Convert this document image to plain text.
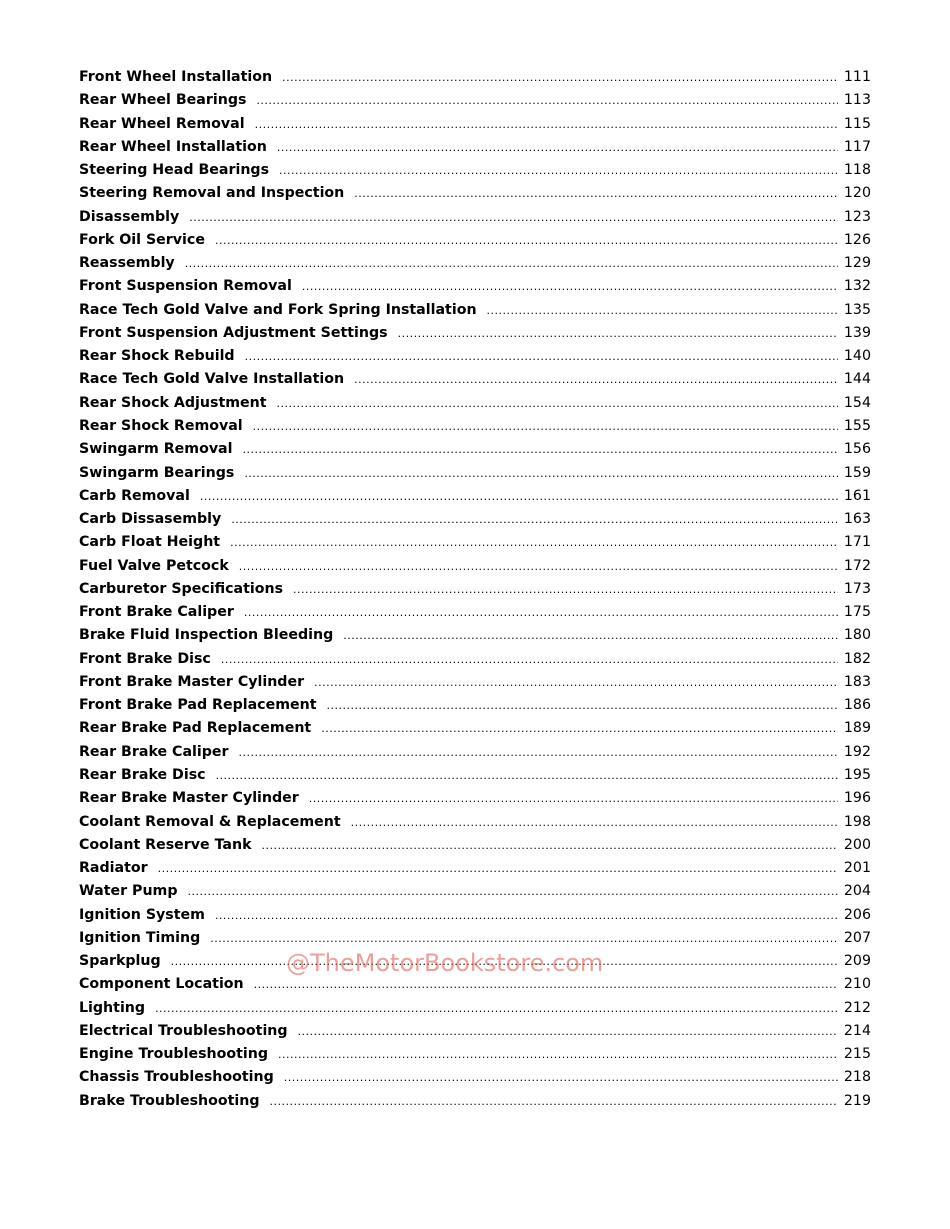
Front Wheel Installation .....	111
Rear Wheel Bearings .....	113
Rear Wheel Removal .....	115
Rear Wheel Installation .....	117
Steering Head Bearings .....	118
Steering Removal and Inspection .....	120
Disassembly .....	123
Fork Oil Service .....	126
Reassembly .....	129
Front Suspension Removal .....	132
Race Tech Gold Valve and Fork Spring Installation .....	135
Front Suspension Adjustment Settings .....	139
Rear Shock Rebuild .....	140
Race Tech Gold Valve Installation .....	144
Rear Shock Adjustment .....	154
Rear Shock Removal .....	155
Swingarm Removal .....	156
Swingarm Bearings .....	159
Carb Removal .....	161
Carb Dissasembly .....	163
Carb Float Height .....	171
Fuel Valve Petcock .....	172
Carburetor Specifications .....	173
Front Brake Caliper .....	175
Brake Fluid Inspection Bleeding .....	180
Front Brake Disc .....	182
Front Brake Master Cylinder .....	183
Front Brake Pad Replacement .....	186
Rear Brake Pad Replacement .....	189
Rear Brake Caliper .....	192
Rear Brake Disc .....	195
Rear Brake Master Cylinder .....	196
Coolant Removal & Replacement .....	198
Coolant Reserve Tank .....	200
Radiator .....	201
Water Pump .....	204
Ignition System .....	206
Ignition Timing .....	207
Sparkplug .....	209
Component Location .....	210
Lighting .....	212
Electrical Troubleshooting .....	214
Engine Troubleshooting .....	215
Chassis Troubleshooting .....	218
Brake Troubleshooting .....	219
@TheMotorBookstore.com
